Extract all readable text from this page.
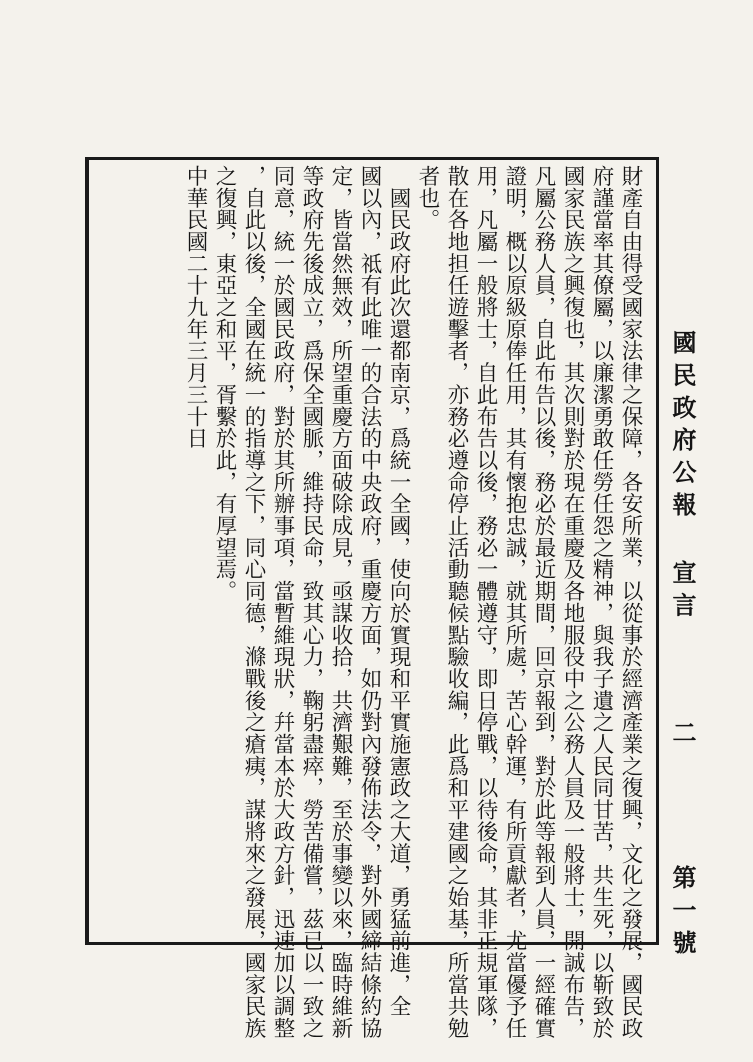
國 民 政 府 公 報
宣 言
二
第 一 號
財產自由得受國家法律之保障，各安所業，以從事於經濟產業之復興，文化之發展，國民政
府謹當率其僚屬，以廉潔勇敢任勞任怨之精神，與我子遺之人民同甘苦，共生死，以靳致於
國家民族之興復也，其次則對於現在重慶及各地服役中之公務人員及一般將士，開誠布告，
凡屬公務人員，自此布告以後，務必於最近期間，回京報到，對於此等報到人員，一經確實
證明，概以原級原俸任用，其有懷抱忠誠，就其所處，苦心幹運，有所貢獻者，尤當優予任
用，凡屬一般將士，自此布告以後，務必一體遵守，即日停戰，以待後命，其非正規軍隊，
散在各地担任遊擊者，亦務必遵命停止活動聽候點驗收編，此爲和平建國之始基，所當共勉
者也。
　國民政府此次還都南京，爲統一全國，使向於實現和平實施憲政之大道，勇猛前進，全
國以內，祗有此唯一的合法的中央政府，重慶方面，如仍對內發佈法令，對外國締結條約協
定，皆當然無效，所望重慶方面破除成見，亟謀收拾，共濟艱難，至於事變以來，臨時維新
等政府先後成立，爲保全國脈，維持民命，致其心力，鞠躬盡瘁，勞苦備嘗，茲已以一致之
同意，統一於國民政府，對於其所辦事項，當暫維現狀，幷當本於大政方針，迅速加以調整
，自此以後，全國在統一的指導之下，同心同德，滌戰後之瘡痍，謀將來之發展，國家民族
之復興，東亞之和平，胥繫於此，有厚望焉。
中華民國二十九年三月三十日
